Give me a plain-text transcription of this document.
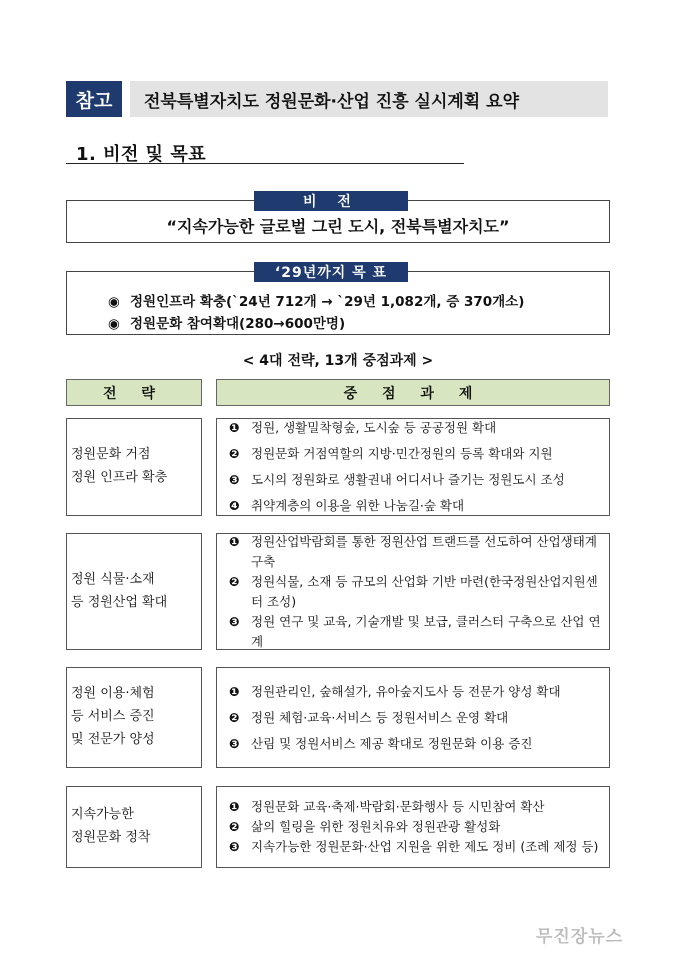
참고	전북특별자치도 정원문화·산업 진흥 실시계획 요약
1. 비전 및 목표
비 전
“지속가능한 글로벌 그린 도시, 전북특별자치도”
‘29년까지 목 표
◉ 정원인프라 확충(`24년 712개 → `29년 1,082개, 증 370개소)
◉ 정원문화 참여확대(280→600만명)
< 4대 전략, 13개 중점과제 >
전 략	중 점 과 제
정원문화 거점
정원 인프라 확충
❶ 정원, 생활밀착형숲, 도시숲 등 공공정원 확대
❷ 정원문화 거점역할의 지방·민간정원의 등록 확대와 지원
❸ 도시의 정원화로 생활권내 어디서나 즐기는 정원도시 조성
❹ 취약계층의 이용을 위한 나눔길·숲 확대
정원 식물·소재
등 정원산업 확대
❶ 정원산업박람회를 통한 정원산업 트랜드를 선도하여 산업생태계 구축
❷ 정원식물, 소재 등 규모의 산업화 기반 마련(한국정원산업지원센터 조성)
❸ 정원 연구 및 교육, 기술개발 및 보급, 클러스터 구축으로 산업 연계
정원 이용·체험
등 서비스 증진
및 전문가 양성
❶ 정원관리인, 숲해설가, 유아숲지도사 등 전문가 양성 확대
❷ 정원 체험·교육·서비스 등 정원서비스 운영 확대
❸ 산림 및 정원서비스 제공 확대로 정원문화 이용 증진
지속가능한
정원문화 정착
❶ 정원문화 교육·축제·박람회·문화행사 등 시민참여 확산
❷ 삶의 힐링을 위한 정원치유와 정원관광 활성화
❸ 지속가능한 정원문화·산업 지원을 위한 제도 정비 (조례 제정 등)
무진장뉴스
